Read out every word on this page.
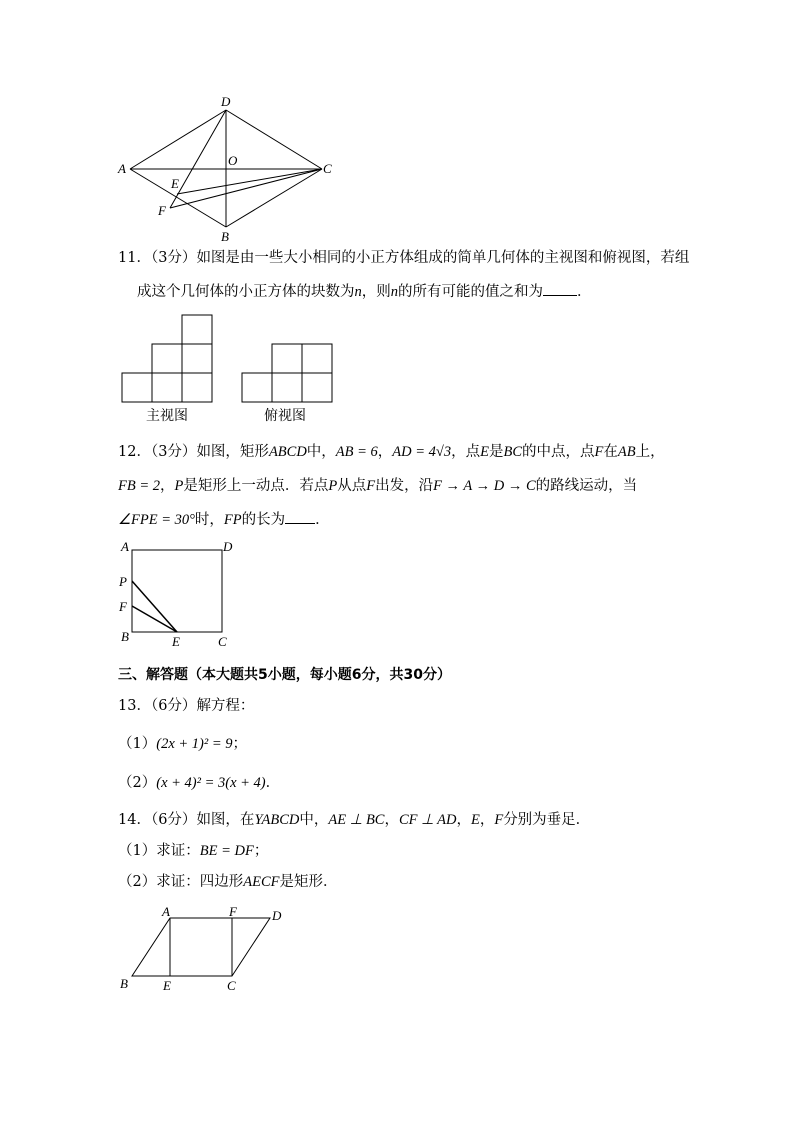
D
A
O
C
E
F
B
11．（3分）如图是由一些大小相同的小正方体组成的简单几何体的主视图和俯视图，若组
成这个几何体的小正方体的块数为n，则n的所有可能的值之和为 ．
主视图	俯视图
12．（3分）如图，矩形ABCD中，AB = 6，AD = 4√3，点E是BC的中点，点F在AB上，
FB = 2，P是矩形上一动点．若点P从点F出发，沿F → A → D → C的路线运动，当
∠FPE = 30°时，FP的长为 ．
A	D
P
F
B	E	C
三、解答题（本大题共5小题，每小题6分，共30分）
13．（6分）解方程：
（1）(2x + 1)² = 9；
（2）(x + 4)² = 3(x + 4)．
14．（6分）如图，在YABCD中，AE ⊥ BC，CF ⊥ AD，E，F分别为垂足．
（1）求证：BE = DF；
（2）求证：四边形AECF是矩形．
A	F	D
B	E	C
